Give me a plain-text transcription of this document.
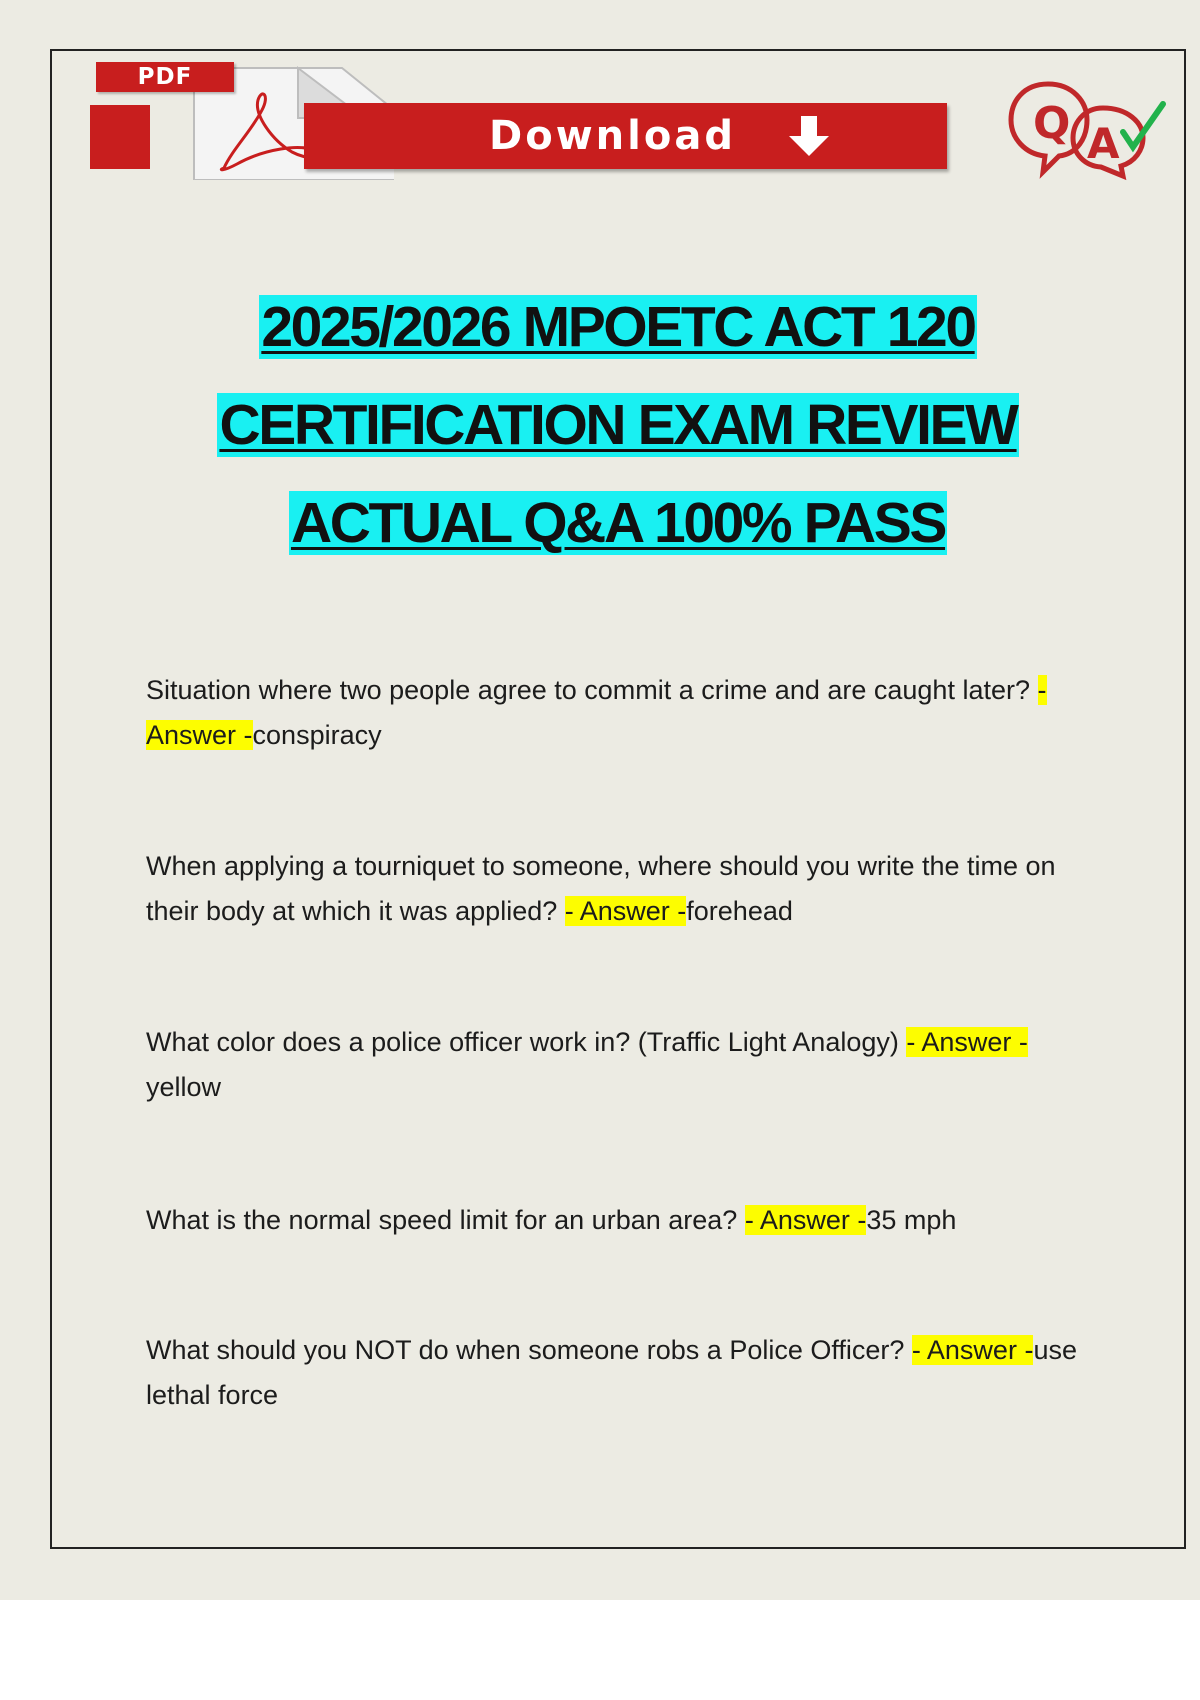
PDF
Download	Q A
2025/2026 MPOETC ACT 120
CERTIFICATION EXAM REVIEW
ACTUAL Q&A 100% PASS
Situation where two people agree to commit a crime and are caught later? - Answer -conspiracy
When applying a tourniquet to someone, where should you write the time on their body at which it was applied? - Answer -forehead
What color does a police officer work in? (Traffic Light Analogy) - Answer -yellow
What is the normal speed limit for an urban area? - Answer -35 mph
What should you NOT do when someone robs a Police Officer? - Answer -use lethal force
